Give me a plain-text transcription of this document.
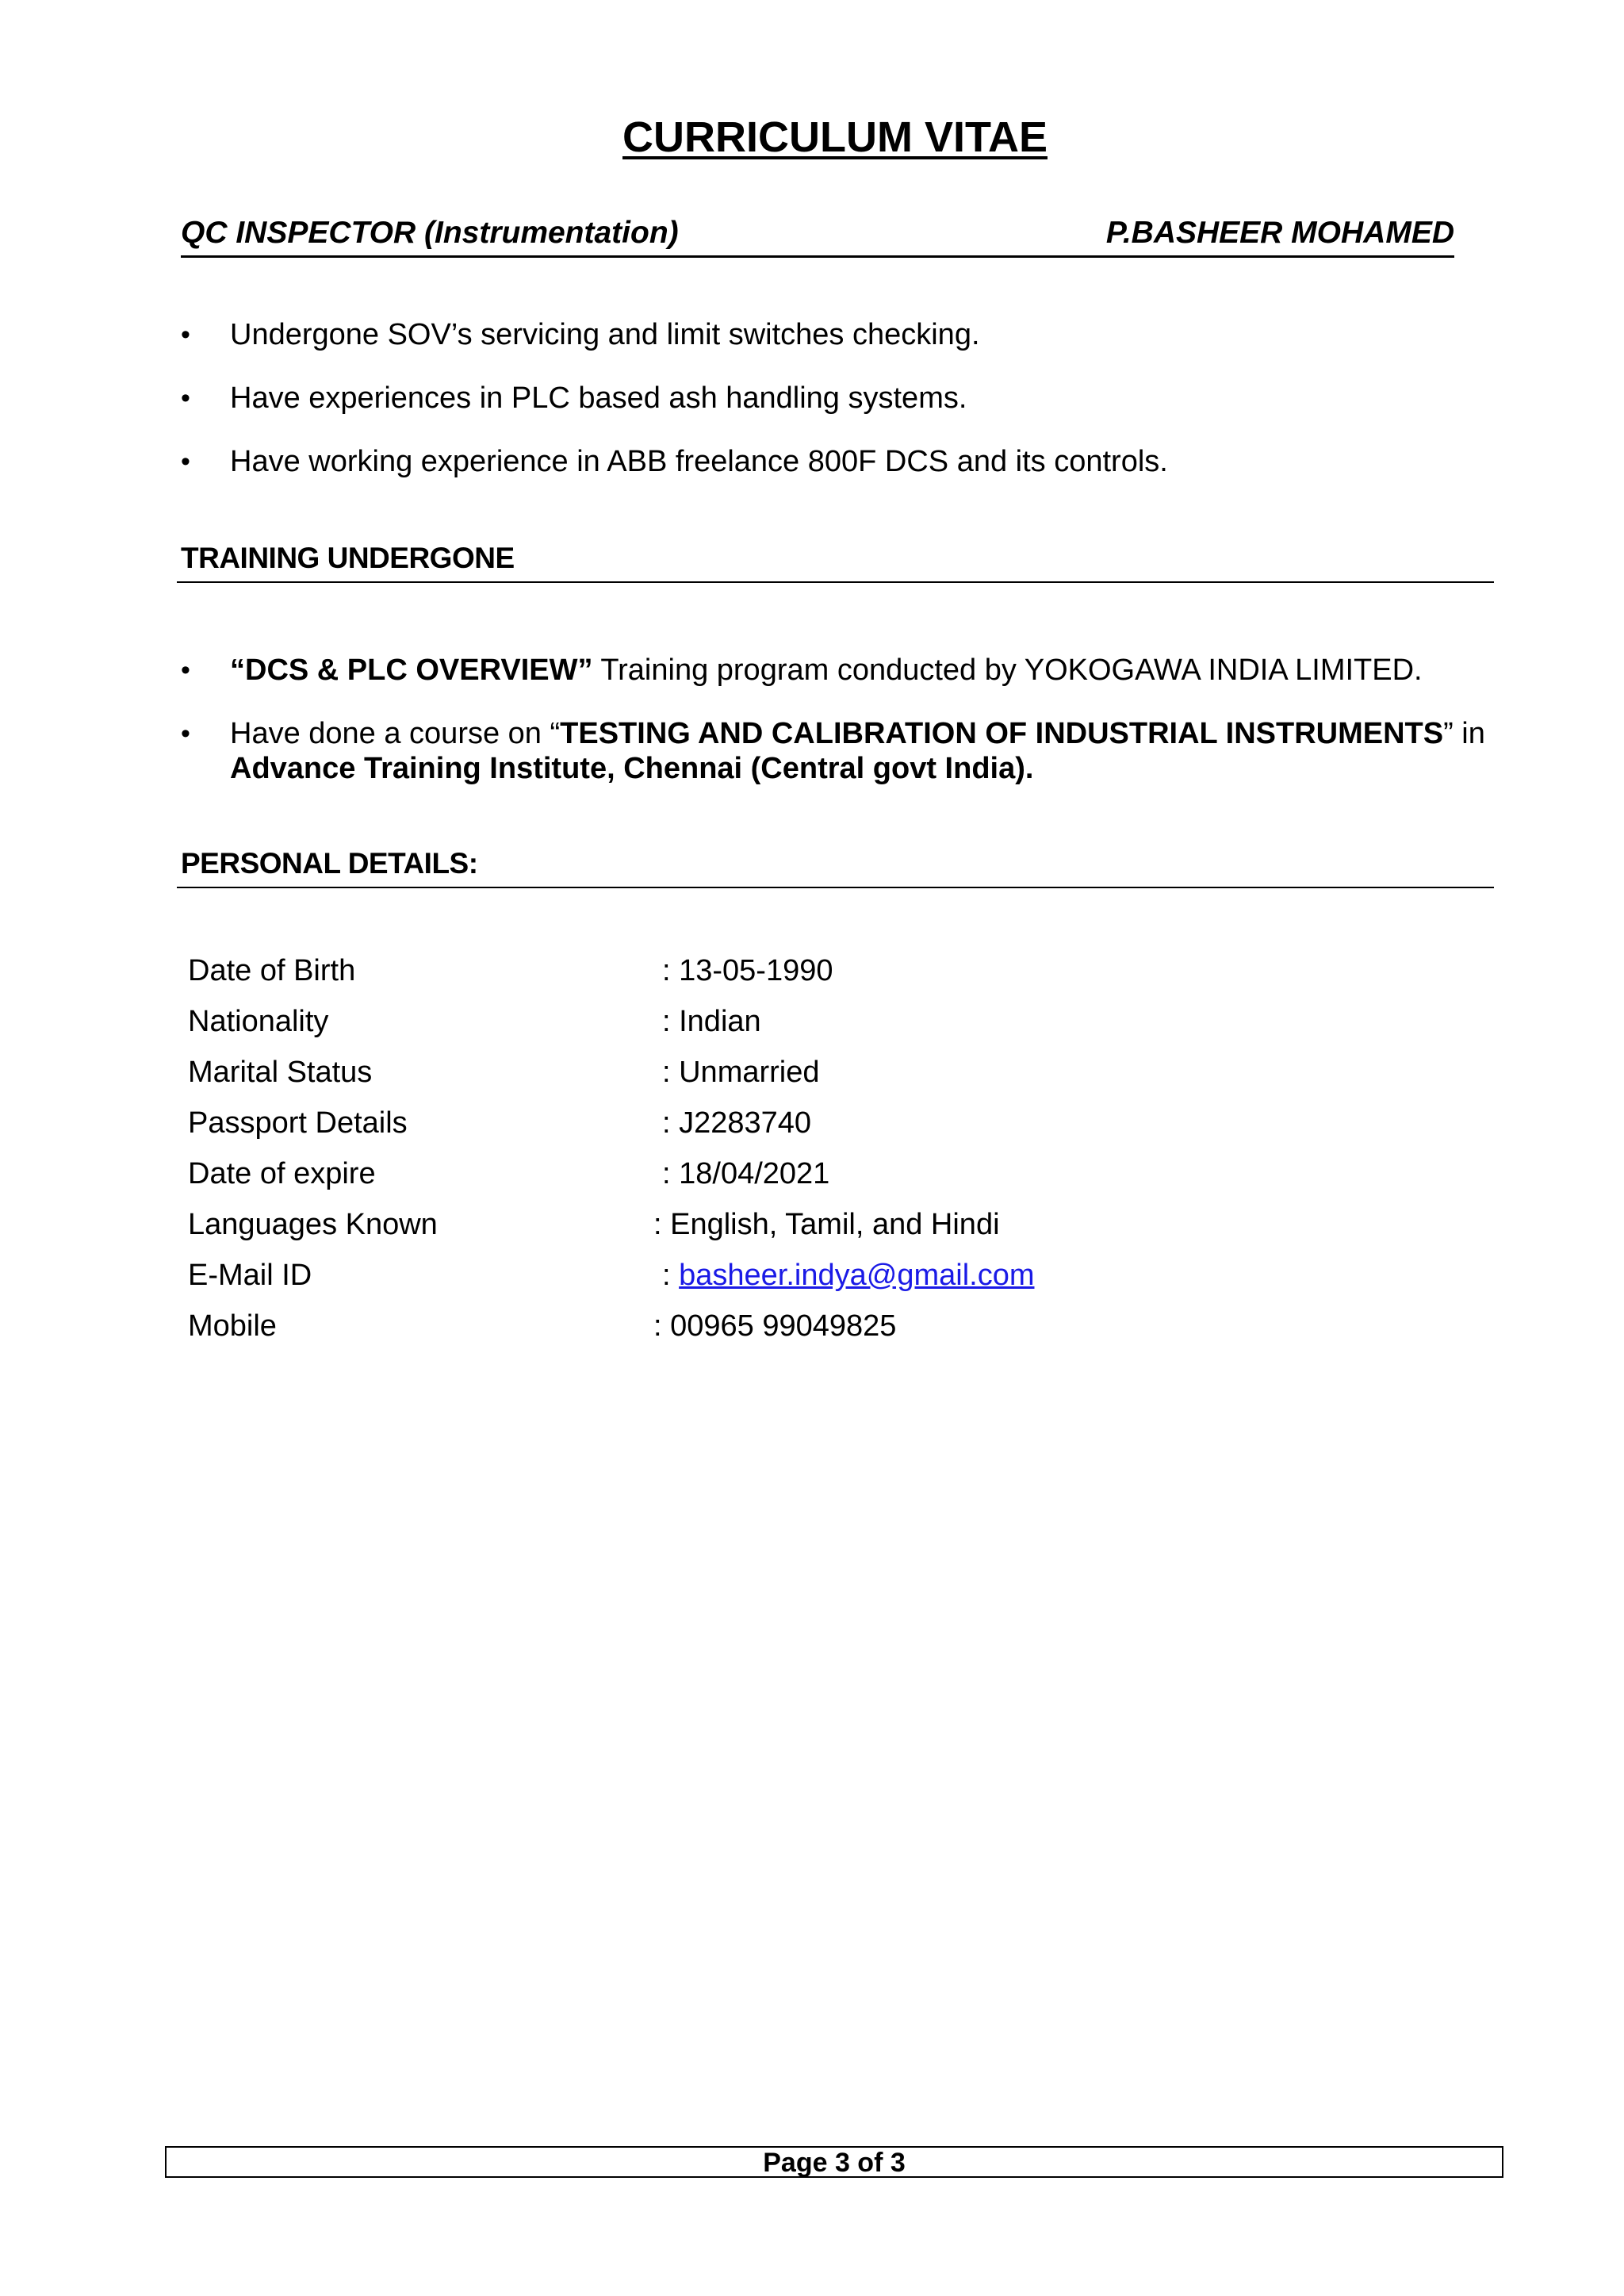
CURRICULUM VITAE
QC INSPECTOR (Instrumentation)	P.BASHEER MOHAMED
• Undergone SOV’s servicing and limit switches checking.
• Have experiences in PLC based ash handling systems.
• Have working experience in ABB freelance 800F DCS and its controls.
TRAINING UNDERGONE
• “DCS & PLC OVERVIEW” Training program conducted by YOKOGAWA INDIA LIMITED.
• Have done a course on “TESTING AND CALIBRATION OF INDUSTRIAL INSTRUMENTS” in
Advance Training Institute, Chennai (Central govt India).
PERSONAL DETAILS:
Date of Birth	: 13-05-1990
Nationality	: Indian
Marital Status	: Unmarried
Passport Details	: J2283740
Date of expire	: 18/04/2021
Languages Known	: English, Tamil, and Hindi
E-Mail ID	: basheer.indya@gmail.com
Mobile	: 00965 99049825
Page 3 of 3
